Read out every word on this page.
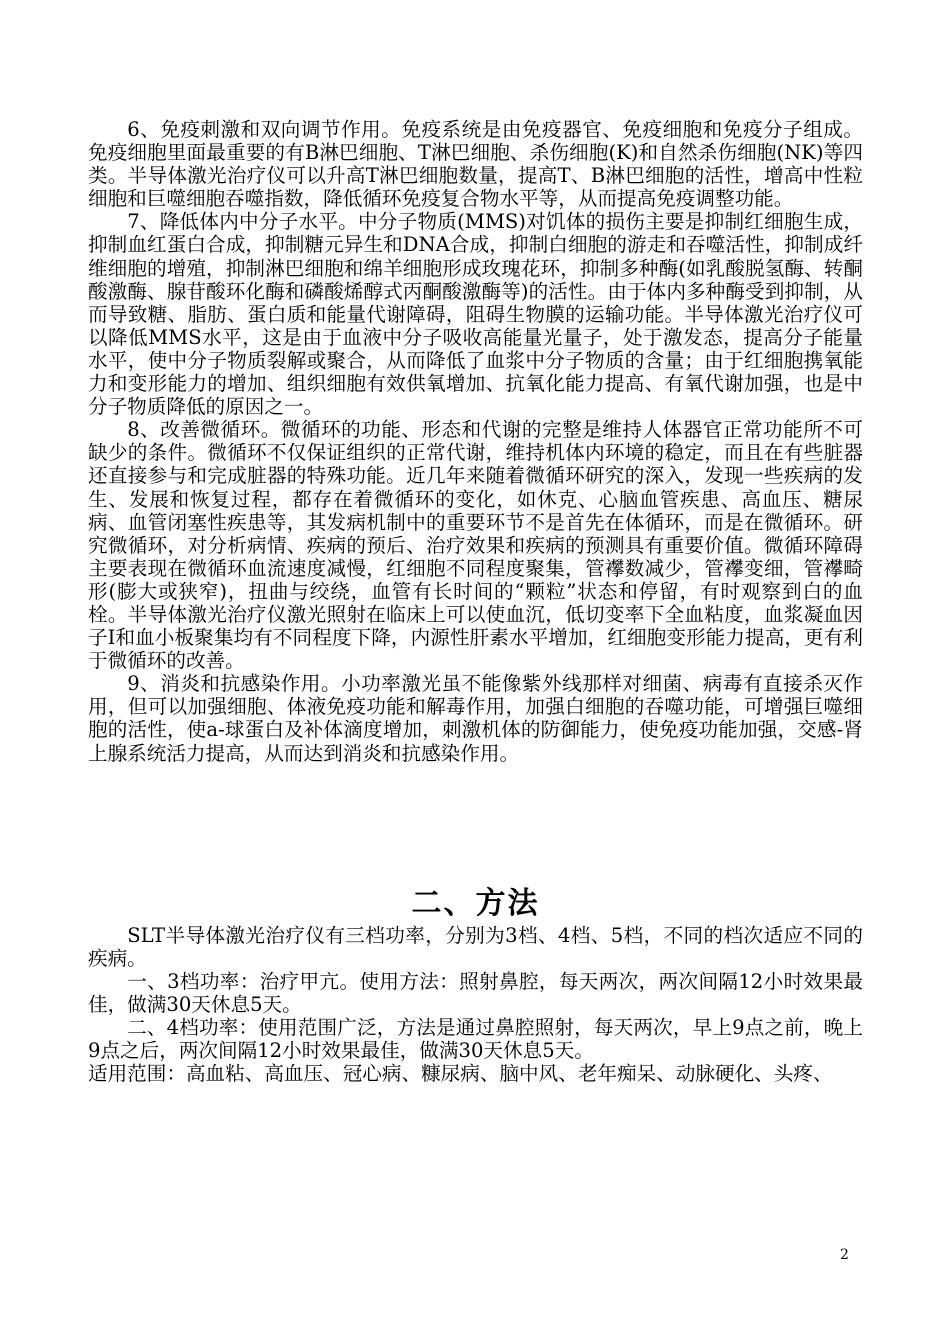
6、免疫刺激和双向调节作用。免疫系统是由免疫器官、免疫细胞和免疫分子组成。免疫细胞里面最重要的有B淋巴细胞、T淋巴细胞、杀伤细胞(K)和自然杀伤细胞(NK)等四类。半导体激光治疗仪可以升高T淋巴细胞数量，提高T、B淋巴细胞的活性，增高中性粒细胞和巨噬细胞吞噬指数，降低循环免疫复合物水平等，从而提高免疫调整功能。

7、降低体内中分子水平。中分子物质(MMS)对饥体的损伤主要是抑制红细胞生成，抑制血红蛋白合成，抑制糖元异生和DNA合成，抑制白细胞的游走和吞噬活性，抑制成纤维细胞的增殖，抑制淋巴细胞和绵羊细胞形成玫瑰花环，抑制多种酶(如乳酸脱氢酶、转酮酸激酶、腺苷酸环化酶和磷酸烯醇式丙酮酸激酶等)的活性。由于体内多种酶受到抑制，从而导致糖、脂肪、蛋白质和能量代谢障碍，阻碍生物膜的运输功能。半导体激光治疗仪可以降低MMS水平，这是由于血液中分子吸收高能量光量子，处于激发态，提高分子能量水平，使中分子物质裂解或聚合，从而降低了血浆中分子物质的含量；由于红细胞携氧能力和变形能力的增加、组织细胞有效供氧增加、抗氧化能力提高、有氧代谢加强，也是中分子物质降低的原因之一。

8、改善微循环。微循环的功能、形态和代谢的完整是维持人体器官正常功能所不可缺少的条件。微循环不仅保证组织的正常代谢，维持机体内环境的稳定，而且在有些脏器还直接参与和完成脏器的特殊功能。近几年来随着微循环研究的深入，发现一些疾病的发生、发展和恢复过程，都存在着微循环的变化，如休克、心脑血管疾患、高血压、糖尿病、血管闭塞性疾患等，其发病机制中的重要环节不是首先在体循环，而是在微循环。研究微循环，对分析病情、疾病的预后、治疗效果和疾病的预测具有重要价值。微循环障碍主要表现在微循环血流速度减慢，红细胞不同程度聚集，管襻数减少，管襻变细，管襻畸形(膨大或狭窄)，扭曲与绞绕，血管有长时间的“颗粒”状态和停留，有时观察到白的血栓。半导体激光治疗仪激光照射在临床上可以使血沉，低切变率下全血粘度，血浆凝血因子I和血小板聚集均有不同程度下降，内源性肝素水平增加，红细胞变形能力提高，更有利于微循环的改善。

9、消炎和抗感染作用。小功率激光虽不能像紫外线那样对细菌、病毒有直接杀灭作用，但可以加强细胞、体液免疫功能和解毒作用，加强白细胞的吞噬功能，可增强巨噬细胞的活性，使a-球蛋白及补体滴度增加，刺激机体的防御能力，使免疫功能加强，交感-肾上腺系统活力提高，从而达到消炎和抗感染作用。

二、方法

SLT半导体激光治疗仪有三档功率，分别为3档、4档、5档，不同的档次适应不同的疾病。

一、3档功率：治疗甲亢。使用方法：照射鼻腔，每天两次，两次间隔12小时效果最佳，做满30天休息5天。

二、4档功率：使用范围广泛，方法是通过鼻腔照射，每天两次，早上9点之前，晚上9点之后，两次间隔12小时效果最佳，做满30天休息5天。

适用范围：高血粘、高血压、冠心病、糠尿病、脑中风、老年痴呆、动脉硬化、头疼、

2
